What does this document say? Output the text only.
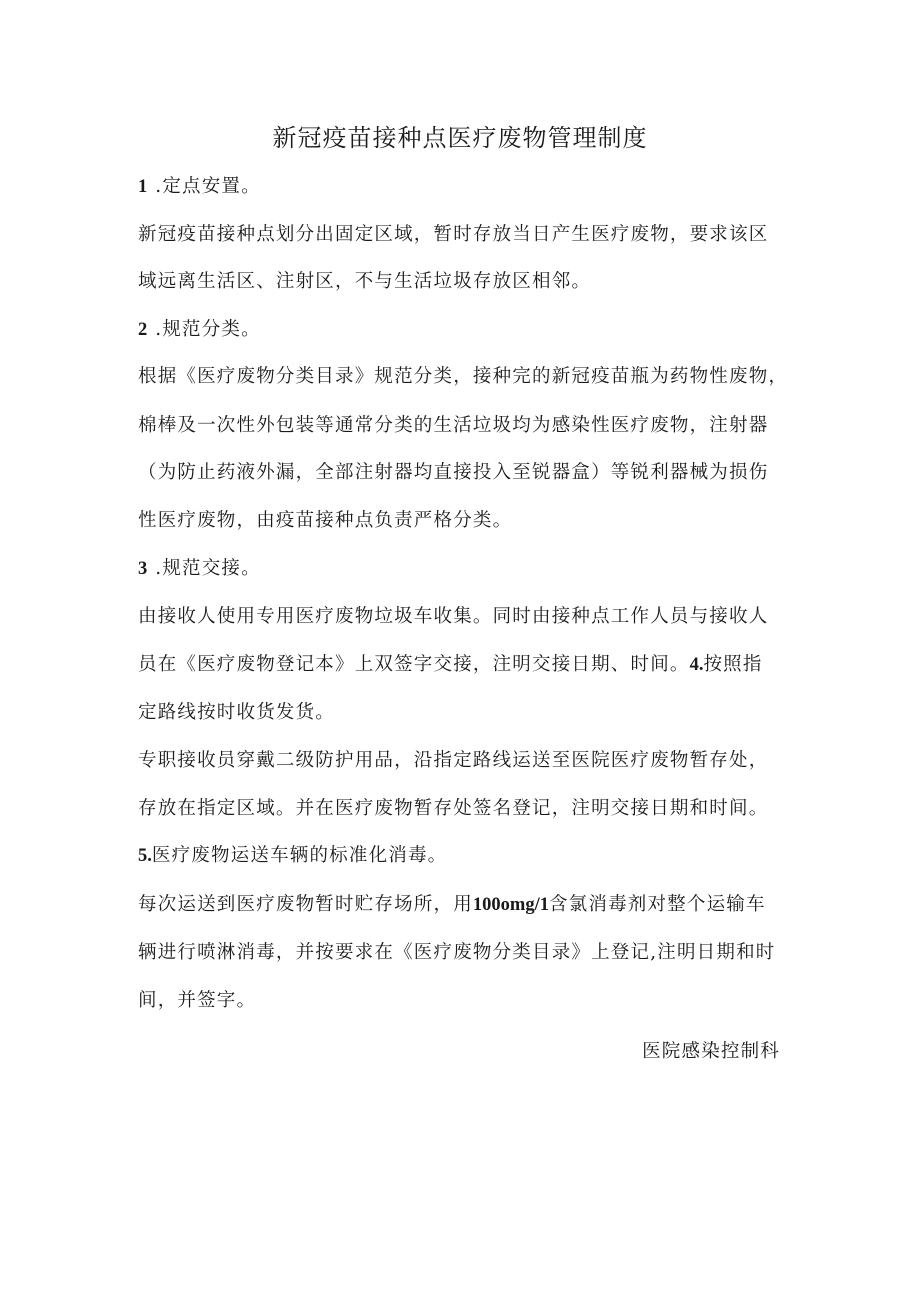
新冠疫苗接种点医疗废物管理制度
1 .定点安置。
新冠疫苗接种点划分出固定区域，暂时存放当日产生医疗废物，要求该区
域远离生活区、注射区，不与生活垃圾存放区相邻。
2 .规范分类。
根据《医疗废物分类目录》规范分类，接种完的新冠疫苗瓶为药物性废物，
棉棒及一次性外包装等通常分类的生活垃圾均为感染性医疗废物，注射器
（为防止药液外漏，全部注射器均直接投入至锐器盒）等锐利器械为损伤
性医疗废物，由疫苗接种点负责严格分类。
3 .规范交接。
由接收人使用专用医疗废物垃圾车收集。同时由接种点工作人员与接收人
员在《医疗废物登记本》上双签字交接，注明交接日期、时间。4.按照指
定路线按时收货发货。
专职接收员穿戴二级防护用品，沿指定路线运送至医院医疗废物暂存处，
存放在指定区域。并在医疗废物暂存处签名登记，注明交接日期和时间。
5.医疗废物运送车辆的标准化消毒。
每次运送到医疗废物暂时贮存场所，用100omg/1含氯消毒剂对整个运输车
辆进行喷淋消毒，并按要求在《医疗废物分类目录》上登记,注明日期和时
间，并签字。
医院感染控制科
